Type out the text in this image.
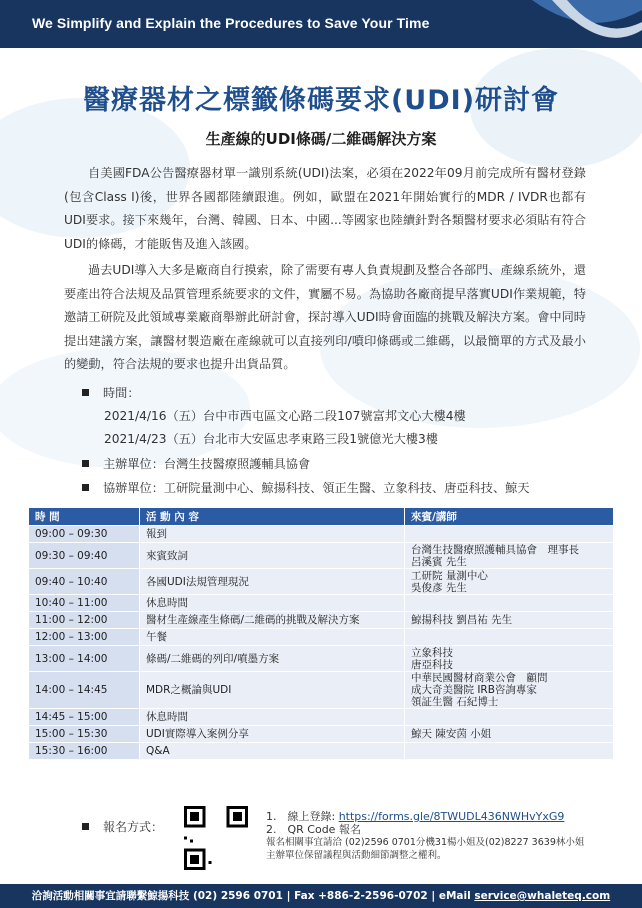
We Simplify and Explain the Procedures to Save Your Time
醫療器材之標籤條碼要求(UDI)研討會
生產線的UDI條碼/二維碼解決方案
自美國FDA公告醫療器材單一識別系統(UDI)法案，必須在2022年09月前完成所有醫材登錄(包含Class I)後，世界各國都陸續跟進。例如，歐盟在2021年開始實行的MDR / IVDR也都有UDI要求。接下來幾年，台灣、韓國、日本、中國...等國家也陸續針對各類醫材要求必須貼有符合UDI的條碼，才能販售及進入該國。
過去UDI導入大多是廠商自行摸索，除了需要有專人負責規劃及整合各部門、產線系統外，還要產出符合法規及品質管理系統要求的文件，實屬不易。為協助各廠商提早落實UDI作業規範，特邀請工研院及此領域專業廠商舉辦此研討會，探討導入UDI時會面臨的挑戰及解決方案。會中同時提出建議方案，讓醫材製造廠在產線就可以直接列印/噴印條碼或二維碼，以最簡單的方式及最小的變動，符合法規的要求也提升出貨品質。
時間：
2021/4/16（五）台中市西屯區文心路二段107號富邦文心大樓4樓
2021/4/23（五）台北市大安區忠孝東路三段1號億光大樓3樓
主辦單位：台灣生技醫療照護輔具協會
協辦單位：工研院量測中心、鯨揚科技、領正生醫、立象科技、唐亞科技、鯨天
時 間	活 動 內 容	來賓/講師
09:00 – 09:30	報到	
09:30 – 09:40	來賓致詞	台灣生技醫療照護輔具協會　理事長
呂溪賓 先生
09:40 – 10:40	各國UDI法規管理現況	工研院 量測中心
吳俊彥 先生
10:40 – 11:00	休息時間	
11:00 – 12:00	醫材生產線產生條碼/二維碼的挑戰及解決方案	鯨揚科技 劉昌祐 先生
12:00 – 13:00	午餐	
13:00 – 14:00	條碼/二維碼的列印/噴墨方案	立象科技
唐亞科技
14:00 – 14:45	MDR之概論與UDI	中華民國醫材商業公會　顧問
成大奇美醫院 IRB咨詢專家
領証生醫 石紀博士
14:45 – 15:00	休息時間	
15:00 – 15:30	UDI實際導入案例分享	鯨天 陳安茵 小姐
15:30 – 16:00	Q&A	
報名方式：
1.　線上登錄: https://forms.gle/8TWUDL436NWHvYxG9
2.　QR Code 報名
報名相關事宜請洽 (02)2596 0701分機31楊小姐及(02)8227 3639林小姐
主辦單位保留議程與活動細節調整之權利。
洽詢活動相關事宜請聯繫鯨揚科技 (02) 2596 0701 | Fax +886-2-2596-0702 | eMail service@whaleteq.com
